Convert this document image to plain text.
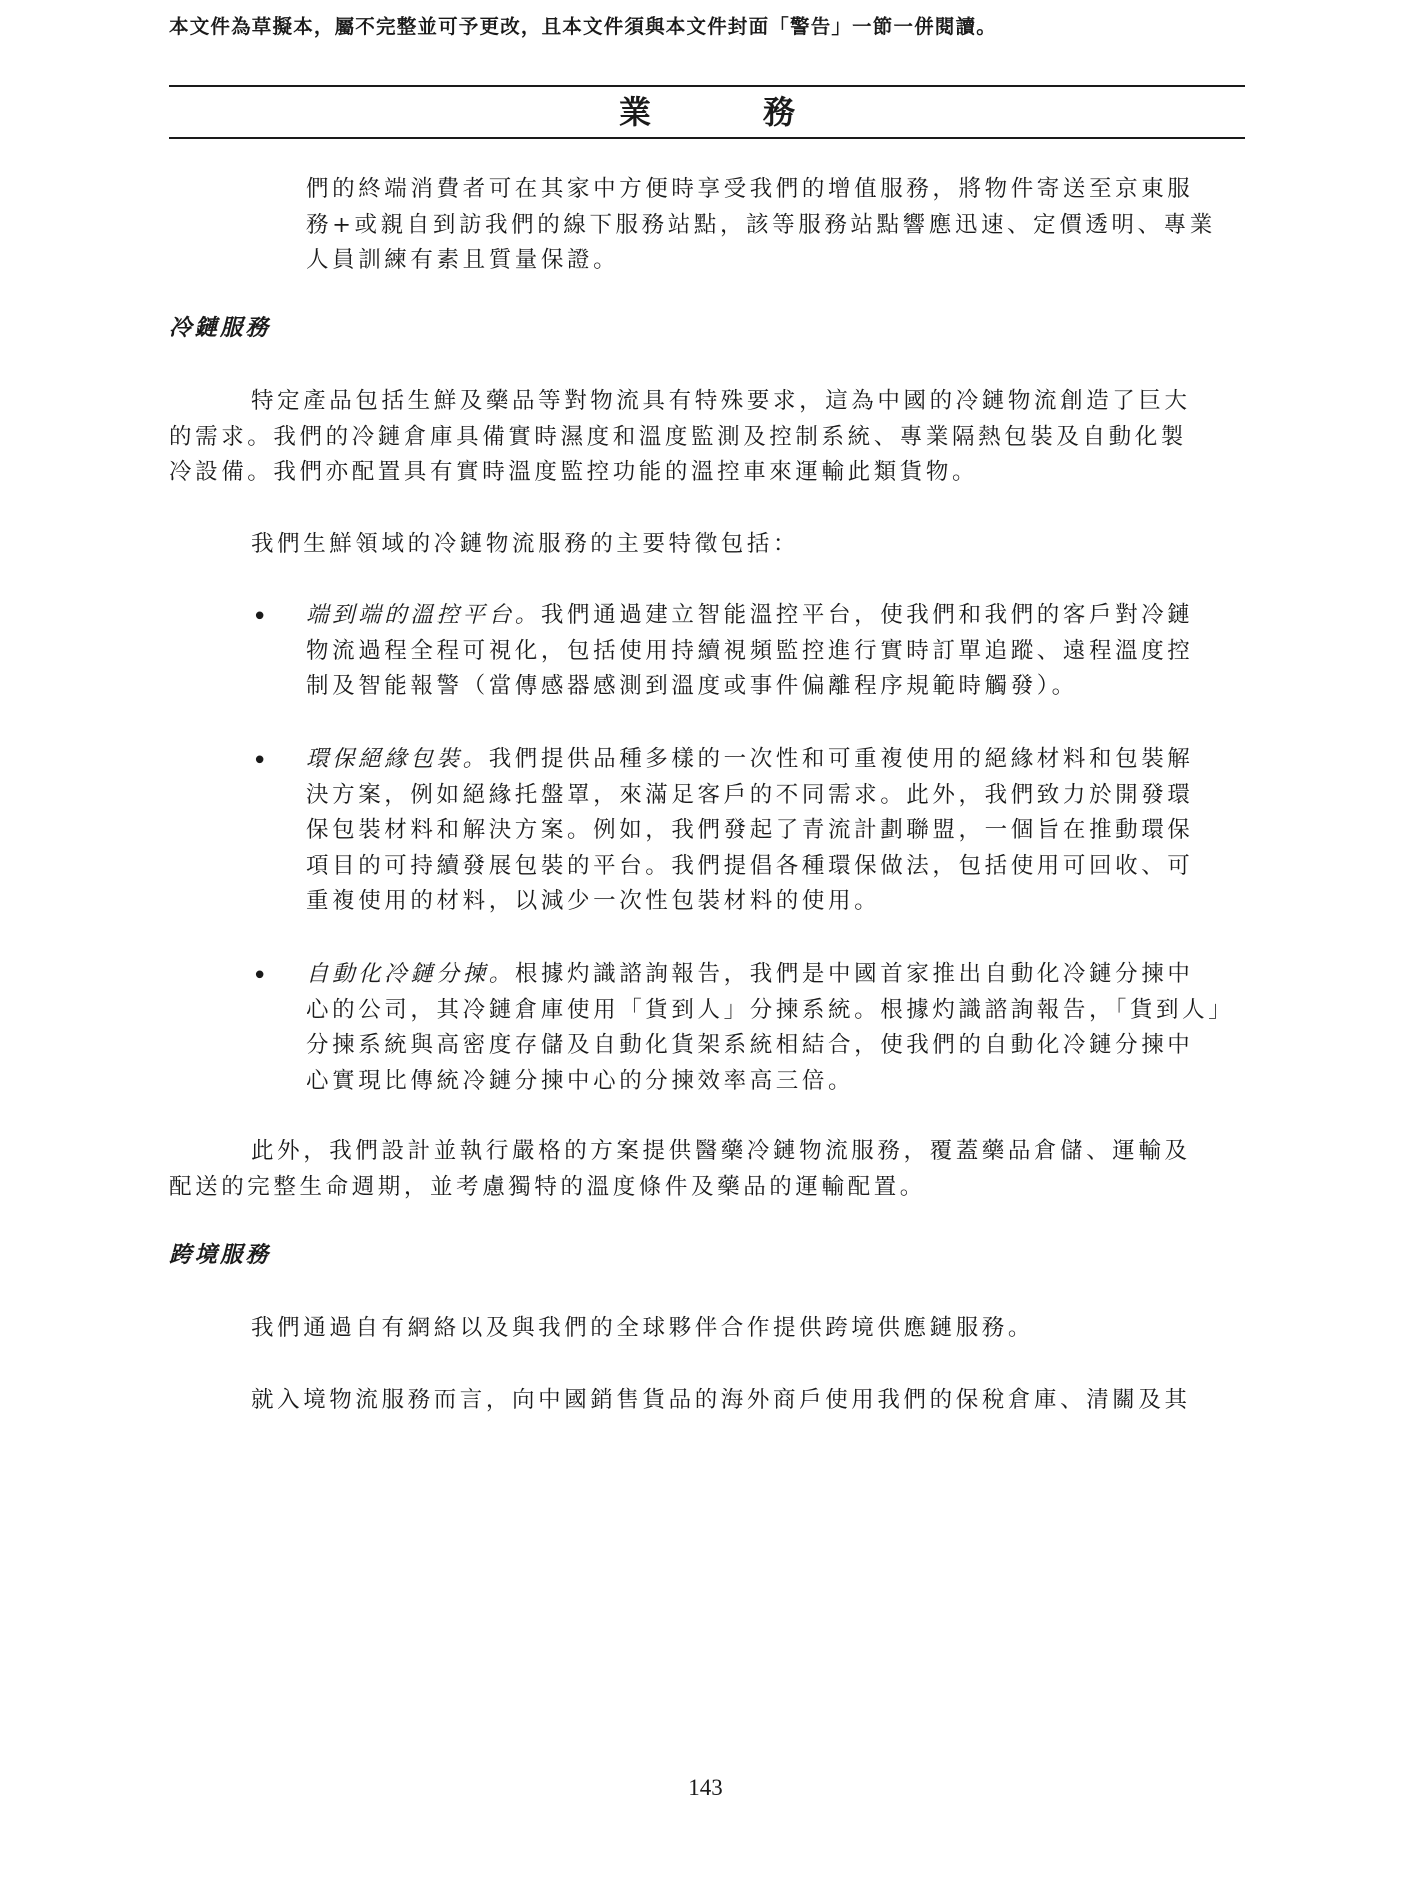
本文件為草擬本，屬不完整並可予更改，且本文件須與本文件封面「警告」一節一併閱讀。
業　務
們的終端消費者可在其家中方便時享受我們的增值服務，將物件寄送至京東服
務+或親自到訪我們的線下服務站點，該等服務站點響應迅速、定價透明、專業
人員訓練有素且質量保證。
冷鏈服務
特定產品包括生鮮及藥品等對物流具有特殊要求，這為中國的冷鏈物流創造了巨大
的需求。我們的冷鏈倉庫具備實時濕度和溫度監測及控制系統、專業隔熱包裝及自動化製
冷設備。我們亦配置具有實時溫度監控功能的溫控車來運輸此類貨物。
我們生鮮領域的冷鏈物流服務的主要特徵包括：
• 端到端的溫控平台。我們通過建立智能溫控平台，使我們和我們的客戶對冷鏈
物流過程全程可視化，包括使用持續視頻監控進行實時訂單追蹤、遠程溫度控
制及智能報警（當傳感器感測到溫度或事件偏離程序規範時觸發）。
• 環保絕緣包裝。我們提供品種多樣的一次性和可重複使用的絕緣材料和包裝解
決方案，例如絕緣托盤罩，來滿足客戶的不同需求。此外，我們致力於開發環
保包裝材料和解決方案。例如，我們發起了青流計劃聯盟，一個旨在推動環保
項目的可持續發展包裝的平台。我們提倡各種環保做法，包括使用可回收、可
重複使用的材料，以減少一次性包裝材料的使用。
• 自動化冷鏈分揀。根據灼識諮詢報告，我們是中國首家推出自動化冷鏈分揀中
心的公司，其冷鏈倉庫使用「貨到人」分揀系統。根據灼識諮詢報告，「貨到人」
分揀系統與高密度存儲及自動化貨架系統相結合，使我們的自動化冷鏈分揀中
心實現比傳統冷鏈分揀中心的分揀效率高三倍。
此外，我們設計並執行嚴格的方案提供醫藥冷鏈物流服務，覆蓋藥品倉儲、運輸及
配送的完整生命週期，並考慮獨特的溫度條件及藥品的運輸配置。
跨境服務
我們通過自有網絡以及與我們的全球夥伴合作提供跨境供應鏈服務。
就入境物流服務而言，向中國銷售貨品的海外商戶使用我們的保稅倉庫、清關及其
143
